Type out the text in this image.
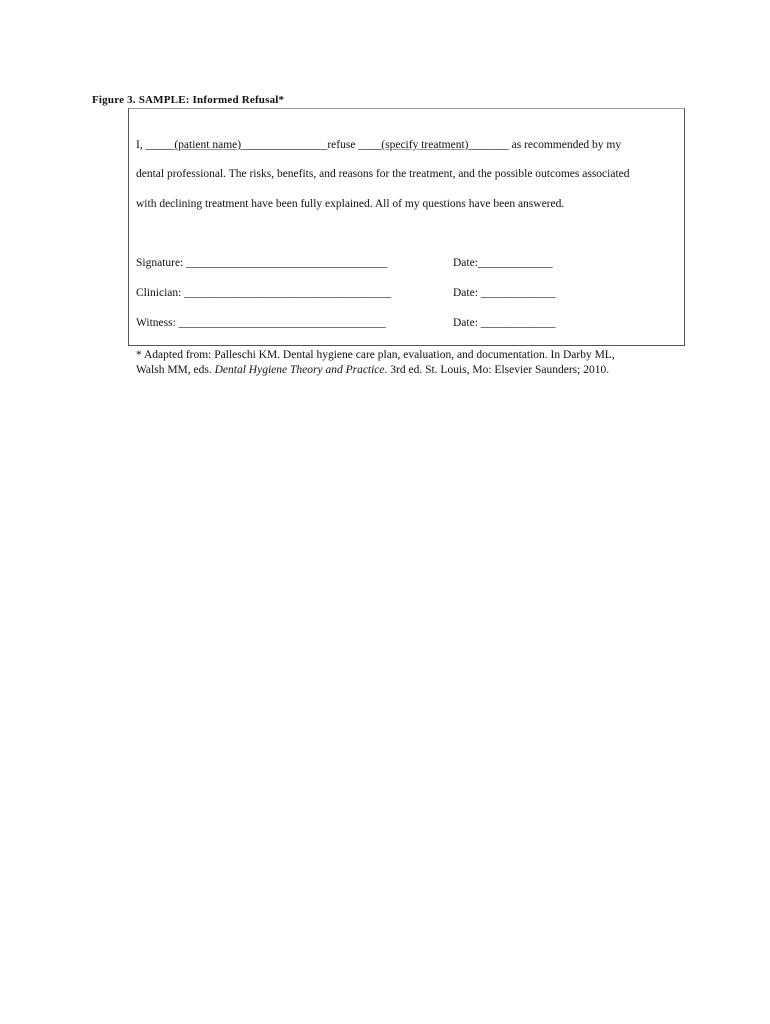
Figure 3. SAMPLE: Informed Refusal*
I, _____(patient name)_______________refuse ____(specify treatment)_______ as recommended by my
dental professional. The risks, benefits, and reasons for the treatment, and the possible outcomes associated
with declining treatment have been fully explained. All of my questions have been answered.
Signature: ___________________________________	Date:_____________
Clinician: ____________________________________	Date: _____________
Witness: ____________________________________	Date: _____________
* Adapted from: Palleschi KM. Dental hygiene care plan, evaluation, and documentation. In Darby ML,
Walsh MM, eds. Dental Hygiene Theory and Practice. 3rd ed. St. Louis, Mo: Elsevier Saunders; 2010.
